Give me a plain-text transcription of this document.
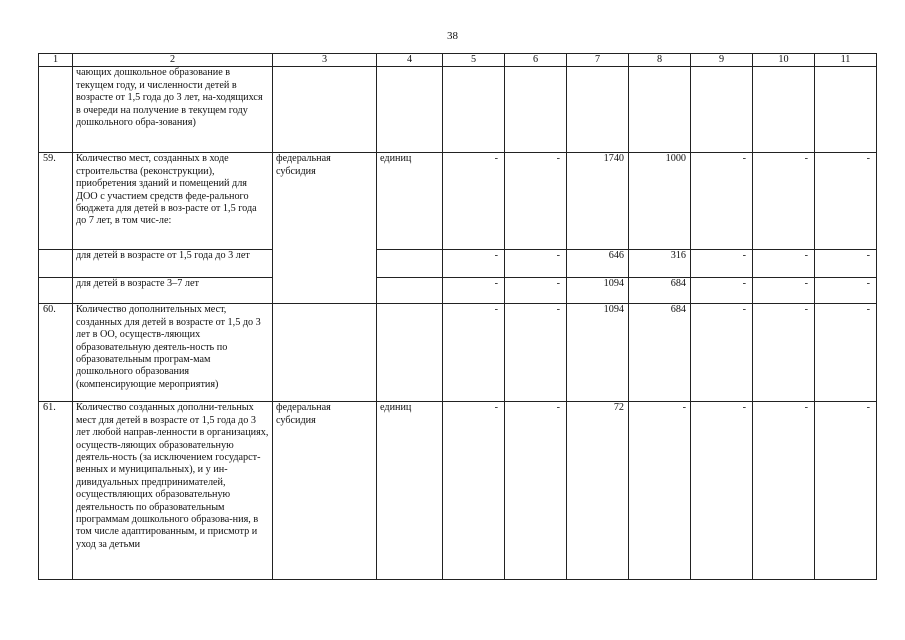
38
1	2	3	4	5	6	7	8	9	10	11
	чающих дошкольное образование в текущем году, и численности детей в возрасте от 1,5 года до 3 лет, на-ходящихся в очереди на получение в текущем году дошкольного обра-зования)									
59.	Количество мест, созданных в ходе строительства (реконструкции), приобретения зданий и помещений для ДОО с участием средств феде-рального бюджета для детей в воз-расте от 1,5 года до 7 лет, в том чис-ле:	федеральная субсидия	единиц	-	-	1740	1000	-	-	-
	для детей в возрасте от 1,5 года до 3 лет			-	-	646	316	-	-	-
	для детей в возрасте 3–7 лет			-	-	1094	684	-	-	-
60.	Количество дополнительных мест, созданных для детей в возрасте от 1,5 до 3 лет в ОО, осуществ-ляющих образовательную деятель-ность по образовательным програм-мам дошкольного образования (компенсирующие мероприятия)			-	-	1094	684	-	-	-
61.	Количество созданных дополни-тельных мест для детей в возрасте от 1,5 года до 3 лет любой направ-ленности в организациях, осуществ-ляющих образовательную деятель-ность (за исключением государст-венных и муниципальных), и у ин-дивидуальных предпринимателей, осуществляющих образовательную деятельность по образовательным программам дошкольного образова-ния, в том числе адаптированным, и присмотр и уход за детьми	федеральная субсидия	единиц	-	-	72	-	-	-	-
